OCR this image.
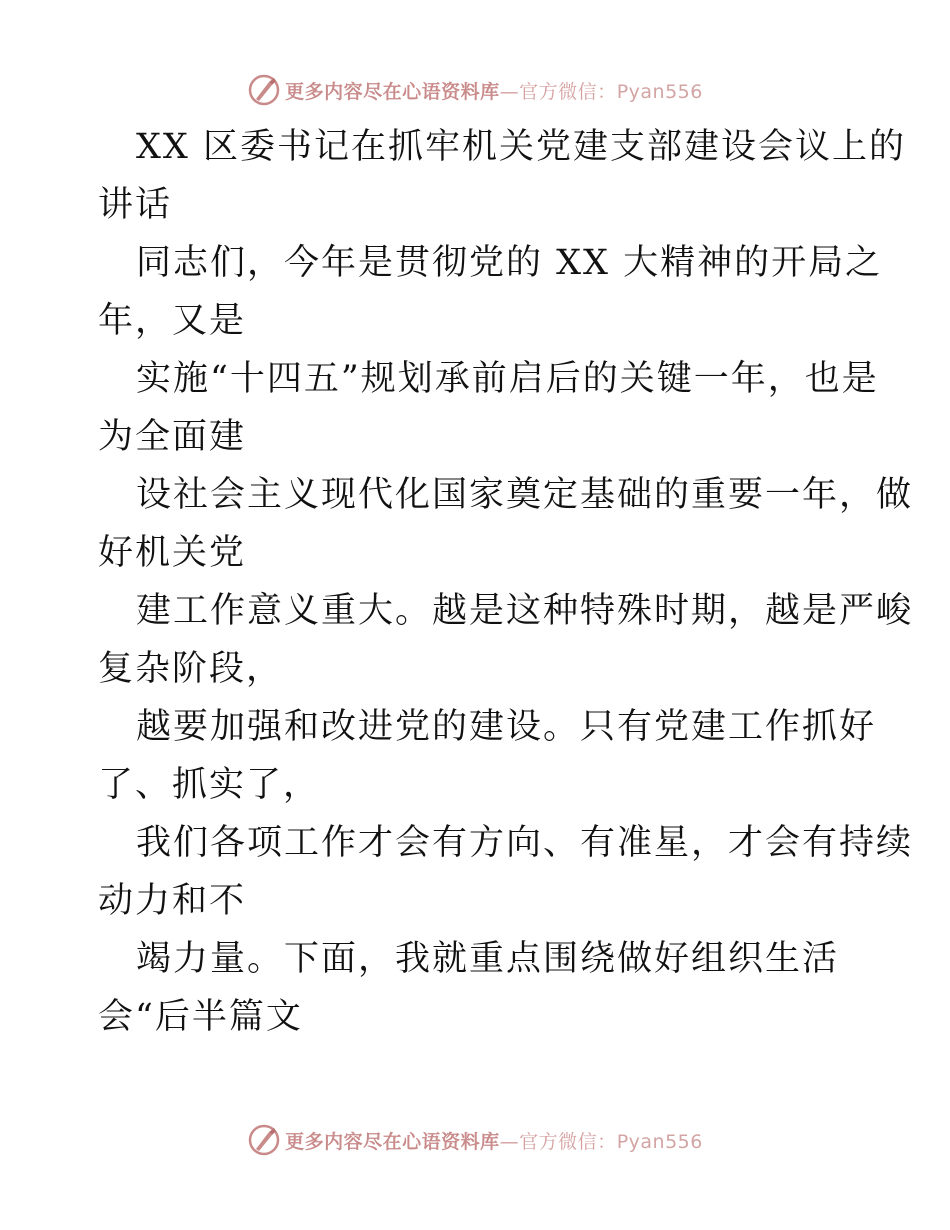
更多内容尽在心语资料库—官方微信：Pyan556
XX 区委书记在抓牢机关党建支部建设会议上的
讲话
同志们，今年是贯彻党的 XX 大精神的开局之
年，又是
实施“十四五”规划承前启后的关键一年，也是
为全面建
设社会主义现代化国家奠定基础的重要一年，做
好机关党
建工作意义重大。越是这种特殊时期，越是严峻
复杂阶段，
越要加强和改进党的建设。只有党建工作抓好
了、抓实了，
我们各项工作才会有方向、有准星，才会有持续
动力和不
竭力量。下面，我就重点围绕做好组织生活
会“后半篇文
更多内容尽在心语资料库—官方微信：Pyan556
